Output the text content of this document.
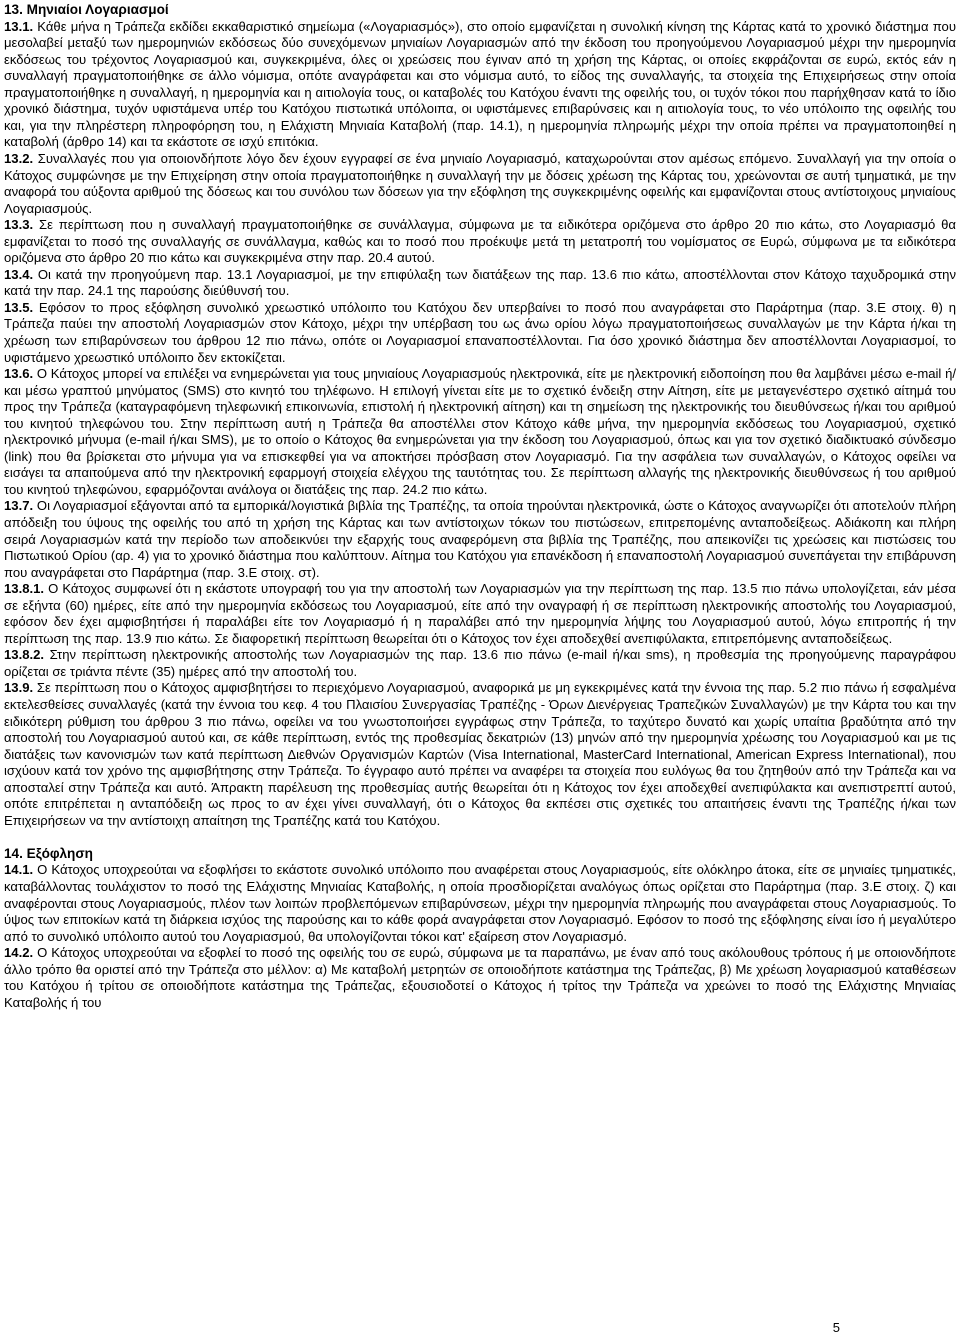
13. Μηνιαίοι Λογαριασμοί

13.1. Κάθε μήνα η Τράπεζα εκδίδει εκκαθαριστικό σημείωμα («Λογαριασμός»), στο οποίο εμφανίζεται η συνολική κίνηση της Κάρτας κατά το χρονικό διάστημα που μεσολαβεί μεταξύ των ημερομηνιών εκδόσεως δύο συνεχόμενων μηνιαίων Λογαριασμών από την έκδοση του προηγούμενου Λογαριασμού μέχρι την ημερομηνία εκδόσεως του τρέχοντος Λογαριασμού και, συγκεκριμένα, όλες οι χρεώσεις που έγιναν από τη χρήση της Κάρτας, οι οποίες εκφράζονται σε ευρώ, εκτός εάν η συναλλαγή πραγματοποιήθηκε σε άλλο νόμισμα, οπότε αναγράφεται και στο νόμισμα αυτό, το είδος της συναλλαγής, τα στοιχεία της Επιχειρήσεως στην οποία πραγματοποιήθηκε η συναλλαγή, η ημερομηνία και η αιτιολογία τους, οι καταβολές του Κατόχου έναντι της οφειλής του, οι τυχόν τόκοι που παρήχθησαν κατά το ίδιο χρονικό διάστημα, τυχόν υφιστάμενα υπέρ του Κατόχου πιστωτικά υπόλοιπα, οι υφιστάμενες επιβαρύνσεις και η αιτιολογία τους, το νέο υπόλοιπο της οφειλής του και, για την πληρέστερη πληροφόρηση του, η Ελάχιστη Μηνιαία Καταβολή (παρ. 14.1), η ημερομηνία πληρωμής μέχρι την οποία πρέπει να πραγματοποιηθεί η καταβολή (άρθρο 14) και τα εκάστοτε σε ισχύ επιτόκια.

13.2. Συναλλαγές που για οποιονδήποτε λόγο δεν έχουν εγγραφεί σε ένα μηνιαίο Λογαριασμό, καταχωρούνται στον αμέσως επόμενο. Συναλλαγή για την οποία ο Κάτοχος συμφώνησε με την Επιχείρηση στην οποία πραγματοποιήθηκε η συναλλαγή την με δόσεις χρέωση της Κάρτας του, χρεώνονται σε αυτή τμηματικά, με την αναφορά του αύξοντα αριθμού της δόσεως και του συνόλου των δόσεων για την εξόφληση της συγκεκριμένης οφειλής και εμφανίζονται στους αντίστοιχους μηνιαίους Λογαριασμούς.

13.3. Σε περίπτωση που η συναλλαγή πραγματοποιήθηκε σε συνάλλαγμα, σύμφωνα με τα ειδικότερα οριζόμενα στο άρθρο 20 πιο κάτω, στο Λογαριασμό θα εμφανίζεται το ποσό της συναλλαγής σε συνάλλαγμα, καθώς και το ποσό που προέκυψε μετά τη μετατροπή του νομίσματος σε Ευρώ, σύμφωνα με τα ειδικότερα οριζόμενα στο άρθρο 20 πιο κάτω και συγκεκριμένα στην παρ. 20.4 αυτού.

13.4. Οι κατά την προηγούμενη παρ. 13.1 Λογαριασμοί, με την επιφύλαξη των διατάξεων της παρ. 13.6 πιο κάτω, αποστέλλονται στον Κάτοχο ταχυδρομικά στην κατά την παρ. 24.1 της παρούσης διεύθυνσή του.

13.5. Εφόσον το προς εξόφληση συνολικό χρεωστικό υπόλοιπο του Κατόχου δεν υπερβαίνει το ποσό που αναγράφεται στο Παράρτημα (παρ. 3.Ε στοιχ. θ) η Τράπεζα παύει την αποστολή Λογαριασμών στον Κάτοχο, μέχρι την υπέρβαση του ως άνω ορίου λόγω πραγματοποιήσεως συναλλαγών με την Κάρτα ή/και τη χρέωση των επιβαρύνσεων του άρθρου 12 πιο πάνω, οπότε οι Λογαριασμοί επαναποστέλλονται. Για όσο χρονικό διάστημα δεν αποστέλλονται Λογαριασμοί, το υφιστάμενο χρεωστικό υπόλοιπο δεν εκτοκίζεται.

13.6. Ο Κάτοχος μπορεί να επιλέξει να ενημερώνεται για τους μηνιαίους Λογαριασμούς ηλεκτρονικά, είτε με ηλεκτρονική ειδοποίηση που θα λαμβάνει μέσω e-mail ή/και μέσω γραπτού μηνύματος (SMS) στο κινητό του τηλέφωνο. Η επιλογή γίνεται είτε με το σχετικό ένδειξη στην Αίτηση, είτε με μεταγενέστερο σχετικό αίτημά του προς την Τράπεζα (καταγραφόμενη τηλεφωνική επικοινωνία, επιστολή ή ηλεκτρονική αίτηση) και τη σημείωση της ηλεκτρονικής του διευθύνσεως ή/και του αριθμού του κινητού τηλεφώνου του. Στην περίπτωση αυτή η Τράπεζα θα αποστέλλει στον Κάτοχο κάθε μήνα, την ημερομηνία εκδόσεως του Λογαριασμού, σχετικό ηλεκτρονικό μήνυμα (e-mail ή/και SMS), με το οποίο ο Κάτοχος θα ενημερώνεται για την έκδοση του Λογαριασμού, όπως και για τον σχετικό διαδικτυακό σύνδεσμο (link) που θα βρίσκεται στο μήνυμα για να επισκεφθεί για να αποκτήσει πρόσβαση στον Λογαριασμό. Για την ασφάλεια των συναλλαγών, ο Κάτοχος οφείλει να εισάγει τα απαιτούμενα από την ηλεκτρονική εφαρμογή στοιχεία ελέγχου της ταυτότητας του. Σε περίπτωση αλλαγής της ηλεκτρονικής διευθύνσεως ή του αριθμού του κινητού τηλεφώνου, εφαρμόζονται ανάλογα οι διατάξεις της παρ. 24.2 πιο κάτω.

13.7. Οι Λογαριασμοί εξάγονται από τα εμπορικά/λογιστικά βιβλία της Τραπέζης, τα οποία τηρούνται ηλεκτρονικά, ώστε ο Κάτοχος αναγνωρίζει ότι αποτελούν πλήρη απόδειξη του ύψους της οφειλής του από τη χρήση της Κάρτας και των αντίστοιχων τόκων του πιστώσεων, επιτρεπομένης ανταποδείξεως. Αδιάκοπη και πλήρη σειρά Λογαριασμών κατά την περίοδο των αποδεικνύει την εξαρχής τους αναφερόμενη στα βιβλία της Τραπέζης, που απεικονίζει τις χρεώσεις και πιστώσεις του Πιστωτικού Ορίου (αρ. 4) για το χρονικό διάστημα που καλύπτουν. Αίτημα του Κατόχου για επανέκδοση ή επαναποστολή Λογαριασμού συνεπάγεται την επιβάρυνση που αναγράφεται στο Παράρτημα (παρ. 3.Ε στοιχ. στ).

13.8.1. Ο Κάτοχος συμφωνεί ότι η εκάστοτε υπογραφή του για την αποστολή των Λογαριασμών για την περίπτωση της παρ. 13.5 πιο πάνω υπολογίζεται, εάν μέσα σε εξήντα (60) ημέρες, είτε από την ημερομηνία εκδόσεως του Λογαριασμού, είτε από την οναγραφή ή σε περίπτωση ηλεκτρονικής αποστολής του Λογαριασμού, εφόσον δεν έχει αμφισβητήσει ή παραλάβει είτε τον Λογαριασμό ή η παραλάβει από την ημερομηνία λήψης του Λογαριασμού αυτού, λόγω επιτροπής ή την περίπτωση της παρ. 13.9 πιο κάτω. Σε διαφορετική περίπτωση θεωρείται ότι ο Κάτοχος τον έχει αποδεχθεί ανεπιφύλακτα, επιτρεπόμενης ανταποδείξεως.

13.8.2. Στην περίπτωση ηλεκτρονικής αποστολής των Λογαριασμών της παρ. 13.6 πιο πάνω (e-mail ή/και sms), η προθεσμία της προηγούμενης παραγράφου ορίζεται σε τριάντα πέντε (35) ημέρες από την αποστολή του.

13.9. Σε περίπτωση που ο Κάτοχος αμφισβητήσει το περιεχόμενο Λογαριασμού, αναφορικά με μη εγκεκριμένες κατά την έννοια της παρ. 5.2 πιο πάνω ή εσφαλμένα εκτελεσθείσες συναλλαγές (κατά την έννοια του κεφ. 4 του Πλαισίου Συνεργασίας Τραπέζης - Όρων Διενέργειας Τραπεζικών Συναλλαγών) με την Κάρτα του και την ειδικότερη ρύθμιση του άρθρου 3 πιο πάνω, οφείλει να του γνωστοποιήσει εγγράφως στην Τράπεζα, το ταχύτερο δυνατό και χωρίς υπαίτια βραδύτητα από την αποστολή του Λογαριασμού αυτού και, σε κάθε περίπτωση, εντός της προθεσμίας δεκατριών (13) μηνών από την ημερομηνία χρέωσης του Λογαριασμού και με τις διατάξεις των κανονισμών των κατά περίπτωση Διεθνών Οργανισμών Καρτών (Visa International, MasterCard International, American Express International), που ισχύουν κατά τον χρόνο της αμφισβήτησης στην Τράπεζα. Το έγγραφο αυτό πρέπει να αναφέρει τα στοιχεία που ευλόγως θα του ζητηθούν από την Τράπεζα και να αποσταλεί στην Τράπεζα και αυτό. Άπρακτη παρέλευση της προθεσμίας αυτής θεωρείται ότι η Κάτοχος τον έχει αποδεχθεί ανεπιφύλακτα και ανεπιστρεπτί αυτού, οπότε επιτρέπεται η ανταπόδειξη ως προς το αν έχει γίνει συναλλαγή, ότι ο Κάτοχος θα εκπέσει στις σχετικές του απαιτήσεις έναντι της Τραπέζης ή/και των Επιχειρήσεων να την αντίστοιχη απαίτηση της Τραπέζης κατά του Κατόχου.

14. Εξόφληση

14.1. Ο Κάτοχος υποχρεούται να εξοφλήσει το εκάστοτε συνολικό υπόλοιπο που αναφέρεται στους Λογαριασμούς, είτε ολόκληρο άτοκα, είτε σε μηνιαίες τμηματικές, καταβάλλοντας τουλάχιστον το ποσό της Ελάχιστης Μηνιαίας Καταβολής, η οποία προσδιορίζεται αναλόγως όπως ορίζεται στο Παράρτημα (παρ. 3.Ε στοιχ. ζ) και αναφέρονται στους Λογαριασμούς, πλέον των λοιπών προβλεπόμενων επιβαρύνσεων, μέχρι την ημερομηνία πληρωμής που αναγράφεται στους Λογαριασμούς. Το ύψος των επιτοκίων κατά τη διάρκεια ισχύος της παρούσης και το κάθε φορά αναγράφεται στον Λογαριασμό. Εφόσον το ποσό της εξόφλησης είναι ίσο ή μεγαλύτερο από το συνολικό υπόλοιπο αυτού του Λογαριασμού, θα υπολογίζονται τόκοι κατ' εξαίρεση στον Λογαριασμό.

14.2. Ο Κάτοχος υποχρεούται να εξοφλεί το ποσό της οφειλής του σε ευρώ, σύμφωνα με τα παραπάνω, με έναν από τους ακόλουθους τρόπους ή με οποιονδήποτε άλλο τρόπο θα οριστεί από την Τράπεζα στο μέλλον: α) Με καταβολή μετρητών σε οποιοδήποτε κατάστημα της Τράπεζας, β) Με χρέωση λογαριασμού καταθέσεων του Κατόχου ή τρίτου σε οποιοδήποτε κατάστημα της Τράπεζας, εξουσιοδοτεί ο Κάτοχος ή τρίτος την Τράπεζα να χρεώνει το ποσό της Ελάχιστης Μηνιαίας Καταβολής ή του

5
